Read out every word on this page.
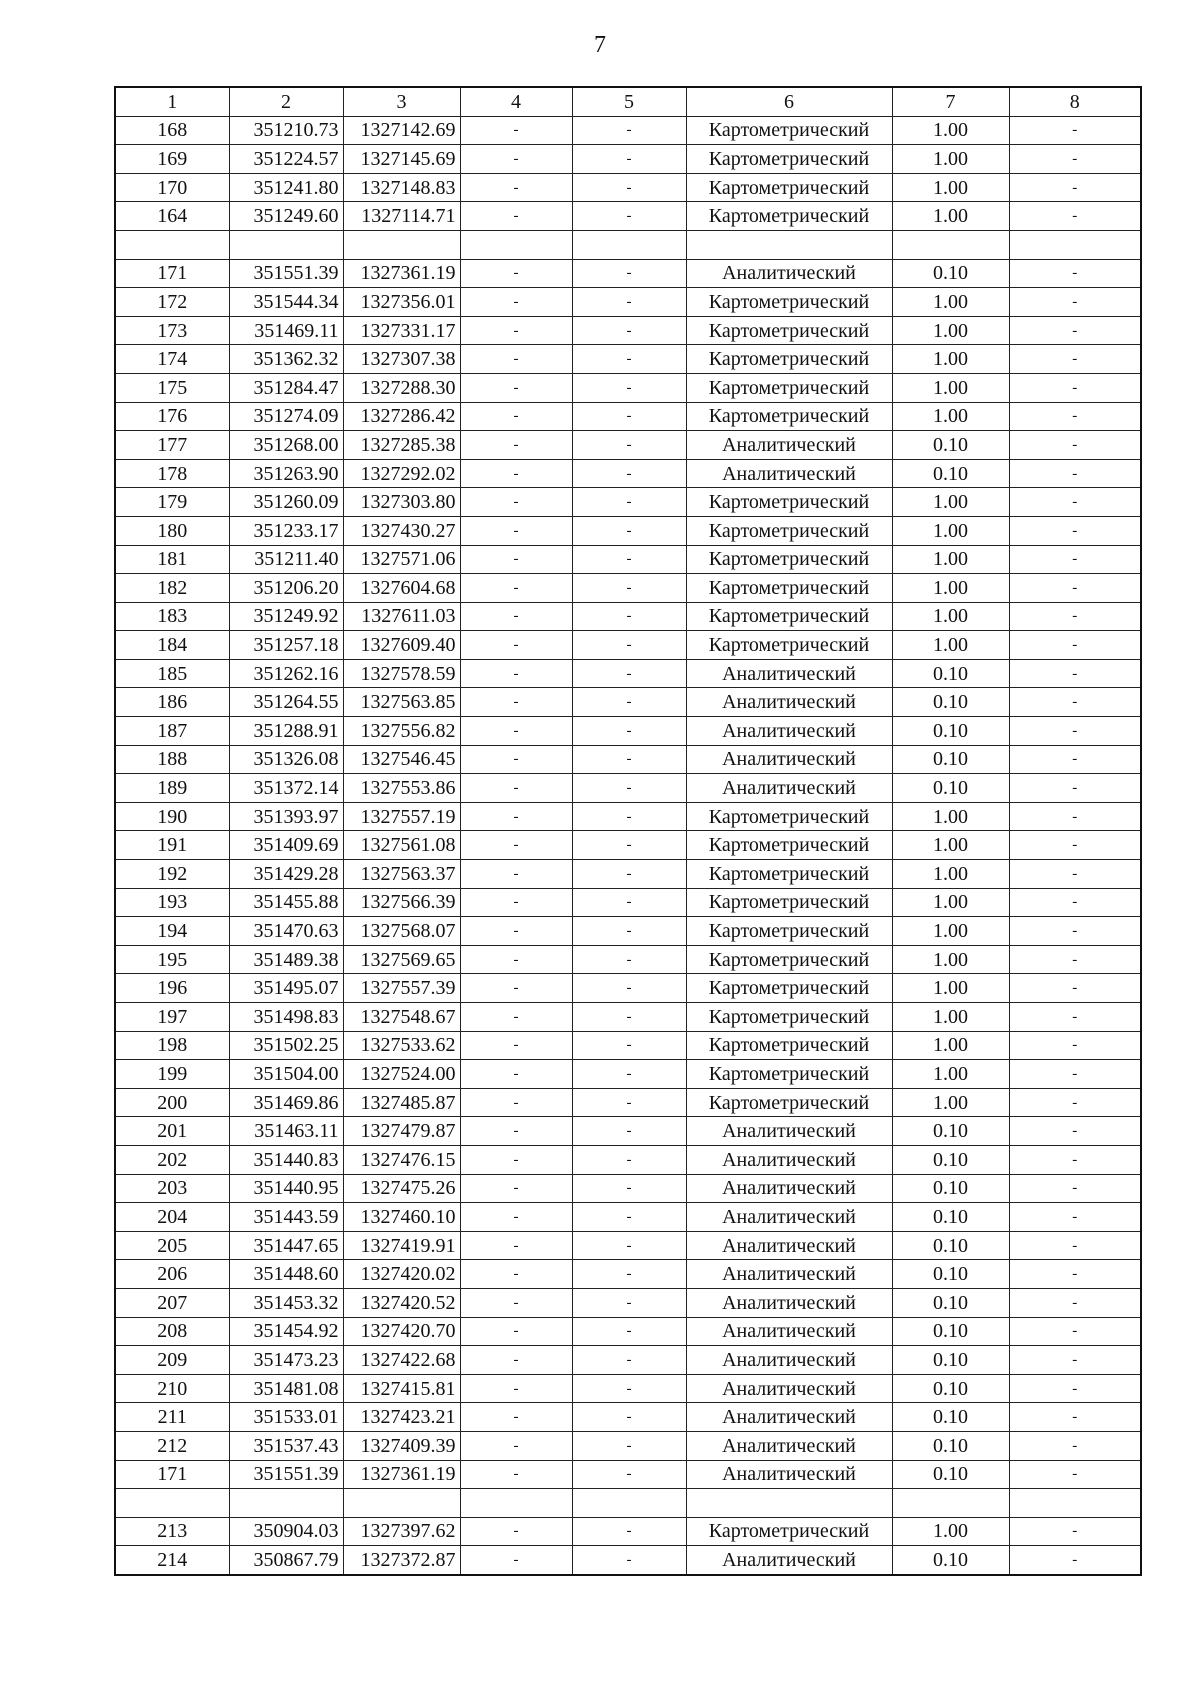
7
1	2	3	4	5	6	7	8
168	351210.73	1327142.69	-	-	Картометрический	1.00	-
169	351224.57	1327145.69	-	-	Картометрический	1.00	-
170	351241.80	1327148.83	-	-	Картометрический	1.00	-
164	351249.60	1327114.71	-	-	Картометрический	1.00	-

171	351551.39	1327361.19	-	-	Аналитический	0.10	-
172	351544.34	1327356.01	-	-	Картометрический	1.00	-
173	351469.11	1327331.17	-	-	Картометрический	1.00	-
174	351362.32	1327307.38	-	-	Картометрический	1.00	-
175	351284.47	1327288.30	-	-	Картометрический	1.00	-
176	351274.09	1327286.42	-	-	Картометрический	1.00	-
177	351268.00	1327285.38	-	-	Аналитический	0.10	-
178	351263.90	1327292.02	-	-	Аналитический	0.10	-
179	351260.09	1327303.80	-	-	Картометрический	1.00	-
180	351233.17	1327430.27	-	-	Картометрический	1.00	-
181	351211.40	1327571.06	-	-	Картометрический	1.00	-
182	351206.20	1327604.68	-	-	Картометрический	1.00	-
183	351249.92	1327611.03	-	-	Картометрический	1.00	-
184	351257.18	1327609.40	-	-	Картометрический	1.00	-
185	351262.16	1327578.59	-	-	Аналитический	0.10	-
186	351264.55	1327563.85	-	-	Аналитический	0.10	-
187	351288.91	1327556.82	-	-	Аналитический	0.10	-
188	351326.08	1327546.45	-	-	Аналитический	0.10	-
189	351372.14	1327553.86	-	-	Аналитический	0.10	-
190	351393.97	1327557.19	-	-	Картометрический	1.00	-
191	351409.69	1327561.08	-	-	Картометрический	1.00	-
192	351429.28	1327563.37	-	-	Картометрический	1.00	-
193	351455.88	1327566.39	-	-	Картометрический	1.00	-
194	351470.63	1327568.07	-	-	Картометрический	1.00	-
195	351489.38	1327569.65	-	-	Картометрический	1.00	-
196	351495.07	1327557.39	-	-	Картометрический	1.00	-
197	351498.83	1327548.67	-	-	Картометрический	1.00	-
198	351502.25	1327533.62	-	-	Картометрический	1.00	-
199	351504.00	1327524.00	-	-	Картометрический	1.00	-
200	351469.86	1327485.87	-	-	Картометрический	1.00	-
201	351463.11	1327479.87	-	-	Аналитический	0.10	-
202	351440.83	1327476.15	-	-	Аналитический	0.10	-
203	351440.95	1327475.26	-	-	Аналитический	0.10	-
204	351443.59	1327460.10	-	-	Аналитический	0.10	-
205	351447.65	1327419.91	-	-	Аналитический	0.10	-
206	351448.60	1327420.02	-	-	Аналитический	0.10	-
207	351453.32	1327420.52	-	-	Аналитический	0.10	-
208	351454.92	1327420.70	-	-	Аналитический	0.10	-
209	351473.23	1327422.68	-	-	Аналитический	0.10	-
210	351481.08	1327415.81	-	-	Аналитический	0.10	-
211	351533.01	1327423.21	-	-	Аналитический	0.10	-
212	351537.43	1327409.39	-	-	Аналитический	0.10	-
171	351551.39	1327361.19	-	-	Аналитический	0.10	-

213	350904.03	1327397.62	-	-	Картометрический	1.00	-
214	350867.79	1327372.87	-	-	Аналитический	0.10	-
